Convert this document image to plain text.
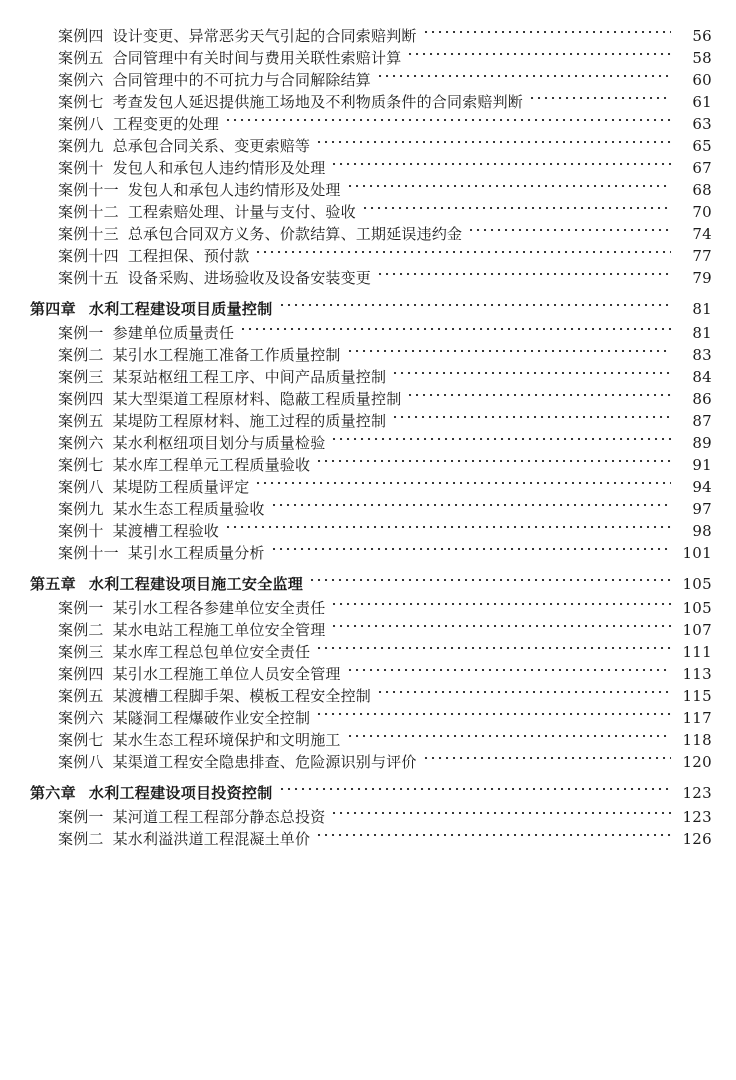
案例四 设计变更、异常恶劣天气引起的合同索赔判断	56
案例五 合同管理中有关时间与费用关联性索赔计算	58
案例六 合同管理中的不可抗力与合同解除结算	60
案例七 考查发包人延迟提供施工场地及不利物质条件的合同索赔判断	61
案例八 工程变更的处理	63
案例九 总承包合同关系、变更索赔等	65
案例十 发包人和承包人违约情形及处理	67
案例十一 发包人和承包人违约情形及处理	68
案例十二 工程索赔处理、计量与支付、验收	70
案例十三 总承包合同双方义务、价款结算、工期延误违约金	74
案例十四 工程担保、预付款	77
案例十五 设备采购、进场验收及设备安装变更	79
第四章 水利工程建设项目质量控制	81
案例一 参建单位质量责任	81
案例二 某引水工程施工准备工作质量控制	83
案例三 某泵站枢纽工程工序、中间产品质量控制	84
案例四 某大型渠道工程原材料、隐蔽工程质量控制	86
案例五 某堤防工程原材料、施工过程的质量控制	87
案例六 某水利枢纽项目划分与质量检验	89
案例七 某水库工程单元工程质量验收	91
案例八 某堤防工程质量评定	94
案例九 某水生态工程质量验收	97
案例十 某渡槽工程验收	98
案例十一 某引水工程质量分析	101
第五章 水利工程建设项目施工安全监理	105
案例一 某引水工程各参建单位安全责任	105
案例二 某水电站工程施工单位安全管理	107
案例三 某水库工程总包单位安全责任	111
案例四 某引水工程施工单位人员安全管理	113
案例五 某渡槽工程脚手架、模板工程安全控制	115
案例六 某隧洞工程爆破作业安全控制	117
案例七 某水生态工程环境保护和文明施工	118
案例八 某渠道工程安全隐患排查、危险源识别与评价	120
第六章 水利工程建设项目投资控制	123
案例一 某河道工程工程部分静态总投资	123
案例二 某水利溢洪道工程混凝土单价	126
